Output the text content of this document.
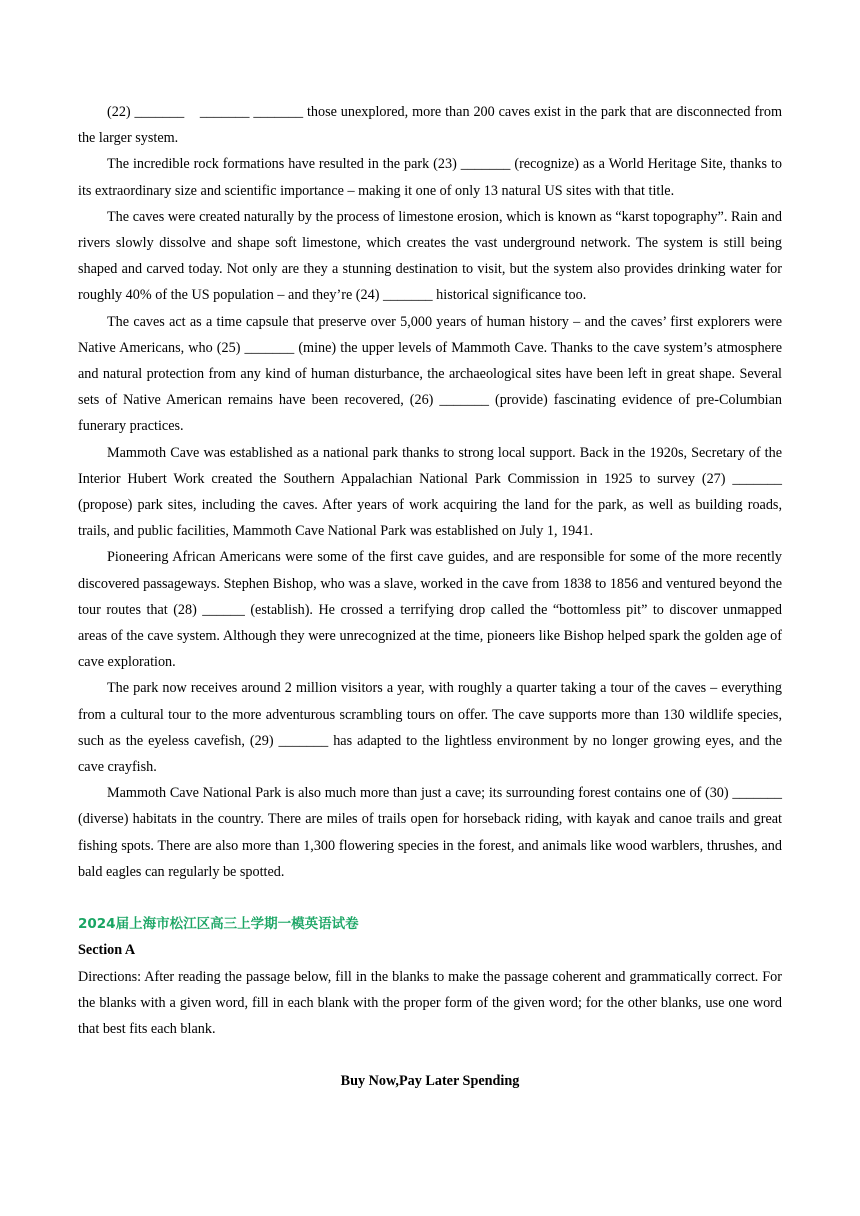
(22) _______    _______ _______ those unexplored, more than 200 caves exist in the park that are disconnected from the larger system.

The incredible rock formations have resulted in the park (23) _______ (recognize) as a World Heritage Site, thanks to its extraordinary size and scientific importance – making it one of only 13 natural US sites with that title.

The caves were created naturally by the process of limestone erosion, which is known as “karst topography”. Rain and rivers slowly dissolve and shape soft limestone, which creates the vast underground network. The system is still being shaped and carved today. Not only are they a stunning destination to visit, but the system also provides drinking water for roughly 40% of the US population – and they’re (24) _______ historical significance too.

The caves act as a time capsule that preserve over 5,000 years of human history – and the caves’ first explorers were Native Americans, who (25) _______ (mine) the upper levels of Mammoth Cave. Thanks to the cave system’s atmosphere and natural protection from any kind of human disturbance, the archaeological sites have been left in great shape. Several sets of Native American remains have been recovered, (26) _______ (provide) fascinating evidence of pre-Columbian funerary practices.

Mammoth Cave was established as a national park thanks to strong local support. Back in the 1920s, Secretary of the Interior Hubert Work created the Southern Appalachian National Park Commission in 1925 to survey (27) _______ (propose) park sites, including the caves. After years of work acquiring the land for the park, as well as building roads, trails, and public facilities, Mammoth Cave National Park was established on July 1, 1941.

Pioneering African Americans were some of the first cave guides, and are responsible for some of the more recently discovered passageways. Stephen Bishop, who was a slave, worked in the cave from 1838 to 1856 and ventured beyond the tour routes that (28) ______ (establish). He crossed a terrifying drop called the “bottomless pit” to discover unmapped areas of the cave system. Although they were unrecognized at the time, pioneers like Bishop helped spark the golden age of cave exploration.

The park now receives around 2 million visitors a year, with roughly a quarter taking a tour of the caves – everything from a cultural tour to the more adventurous scrambling tours on offer. The cave supports more than 130 wildlife species, such as the eyeless cavefish, (29) _______ has adapted to the lightless environment by no longer growing eyes, and the cave crayfish.

Mammoth Cave National Park is also much more than just a cave; its surrounding forest contains one of (30) _______ (diverse) habitats in the country. There are miles of trails open for horseback riding, with kayak and canoe trails and great fishing spots. There are also more than 1,300 flowering species in the forest, and animals like wood warblers, thrushes, and bald eagles can regularly be spotted.

2024届上海市松江区高三上学期一模英语试卷

Section A

Directions: After reading the passage below, fill in the blanks to make the passage coherent and grammatically correct. For the blanks with a given word, fill in each blank with the proper form of the given word; for the other blanks, use one word that best fits each blank.

Buy Now,Pay Later Spending
